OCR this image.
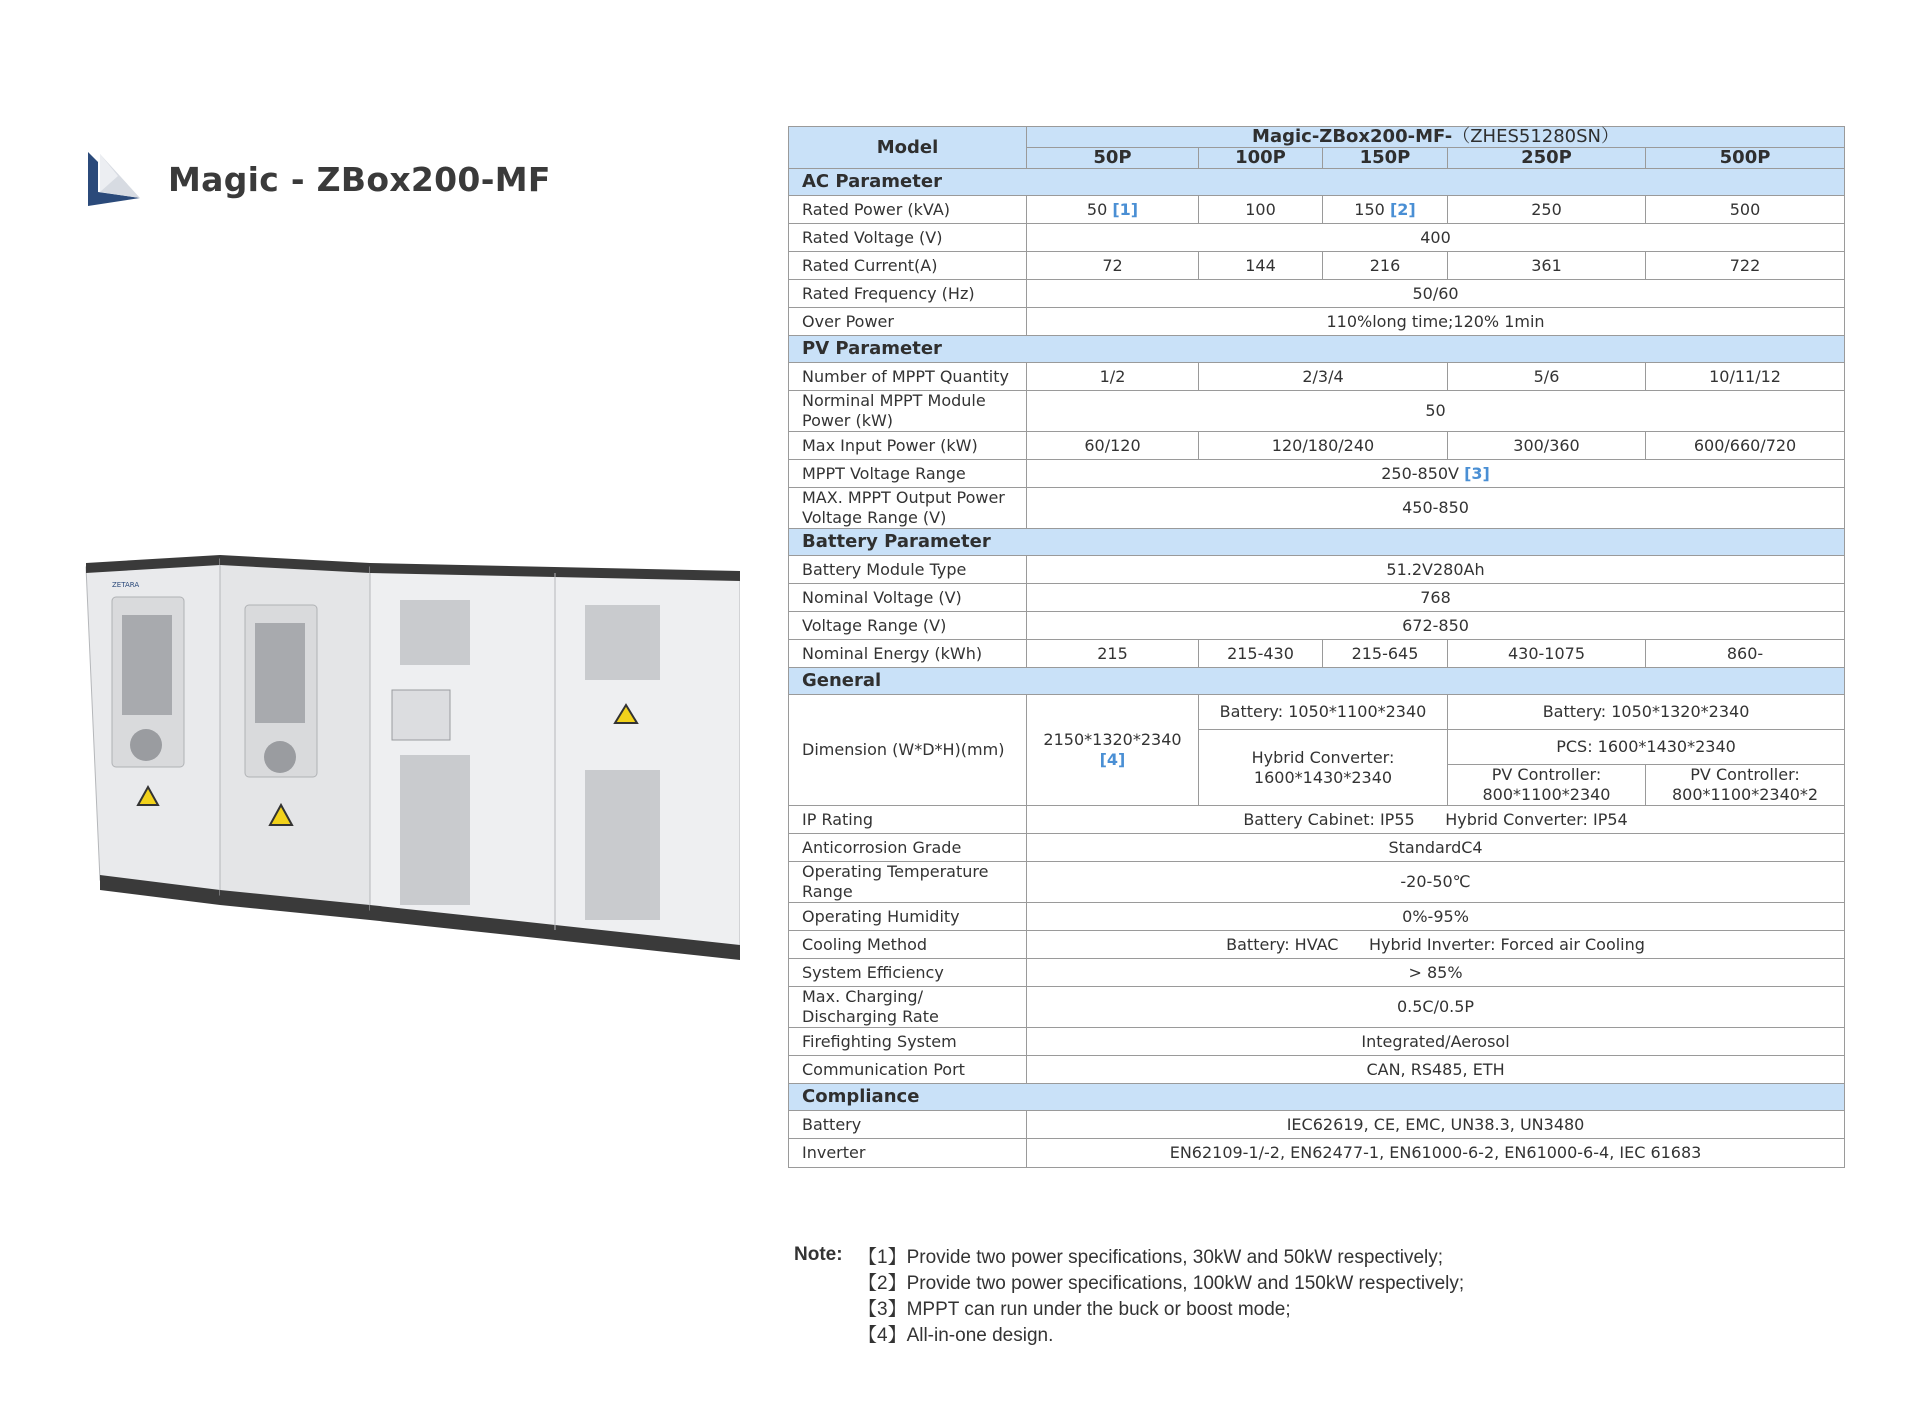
Magic - ZBox200-MF
ZETARA
Model	Magic-ZBox200-MF-（ZHES51280SN）				
	50P	100P	150P	250P	500P
AC Parameter					
Rated Power (kVA)	50 [1]	100	150 [2]	250	500
Rated Voltage (V)	400				
Rated Current(A)	72	144	216	361	722
Rated Frequency (Hz)	50/60				
Over Power	110%long time;120% 1min				
PV Parameter					
Number of MPPT Quantity	1/2	2/3/4		5/6	10/11/12
Norminal MPPT Module Power (kW)	50				
Max Input Power (kW)	60/120	120/180/240		300/360	600/660/720
MPPT Voltage Range	250-850V [3]				
MAX. MPPT Output Power Voltage Range (V)	450-850				
Battery Parameter					
Battery Module Type	51.2V280Ah				
Nominal Voltage (V)	768				
Voltage Range (V)	672-850				
Nominal Energy (kWh)	215	215-430	215-645	430-1075	860-
General					
Dimension (W*D*H)(mm)	2150*1320*2340 [4]	Battery: 1050*1100*2340		Battery: 1050*1320*2340	
		Hybrid Converter: 1600*1430*2340		PCS: 1600*1430*2340	
				PV Controller: 800*1100*2340	PV Controller: 800*1100*2340*2
IP Rating	Battery Cabinet: IP55      Hybrid Converter: IP54				
Anticorrosion Grade	StandardC4				
Operating Temperature Range	-20-50℃				
Operating Humidity	0%-95%				
Cooling Method	Battery: HVAC      Hybrid Inverter: Forced air Cooling				
System Efficiency	> 85%				
Max. Charging/ Discharging Rate	0.5C/0.5P				
Firefighting System	Integrated/Aerosol				
Communication Port	CAN, RS485, ETH				
Compliance					
Battery	IEC62619, CE, EMC, UN38.3, UN3480				
Inverter	EN62109-1/-2, EN62477-1, EN61000-6-2, EN61000-6-4, IEC 61683				
Note: 【1】Provide two power specifications, 30kW and 50kW respectively;
【2】Provide two power specifications, 100kW and 150kW respectively;
【3】MPPT can run under the buck or boost mode;
【4】All-in-one design.
